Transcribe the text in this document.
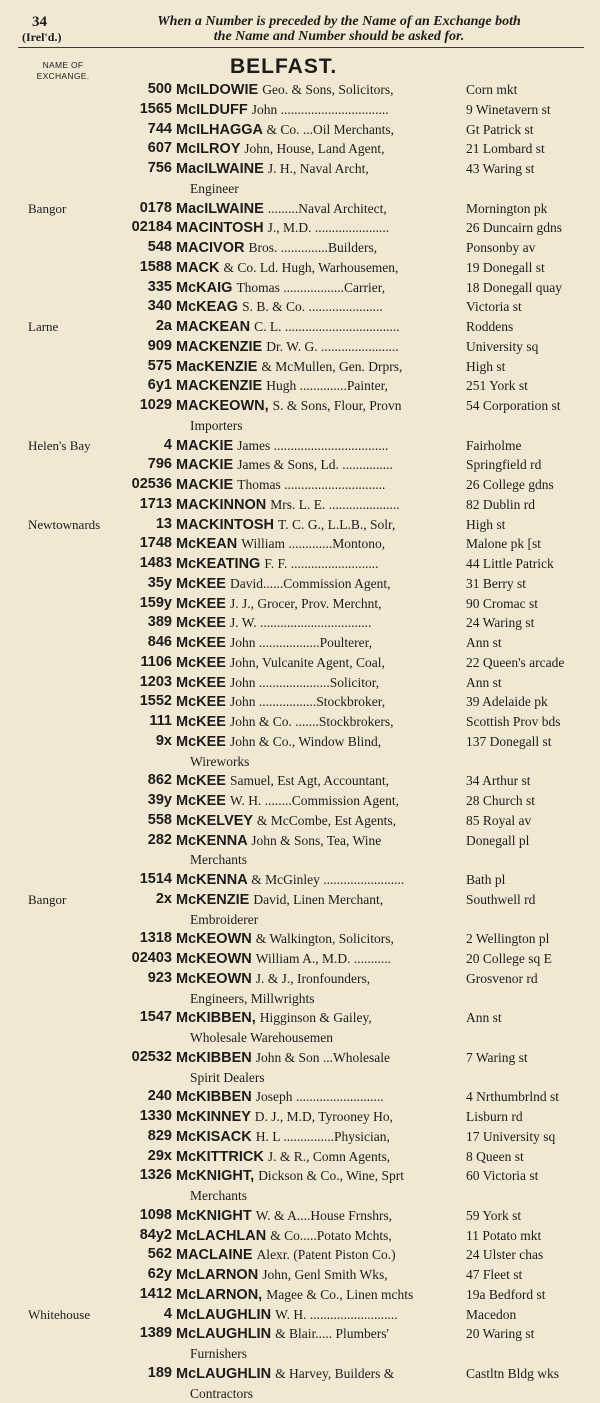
34
(Irel'd.)
When a Number is preceded by the Name of an Exchange both
the Name and Number should be asked for.
NAME OF
EXCHANGE.	BELFAST.
500 McILDOWIE Geo. & Sons, Solicitors,	Corn mkt
1565 McILDUFF John ................................	9 Winetavern st
744 McILHAGGA & Co. ...Oil Merchants,	Gt Patrick st
607 McILROY John, House, Land Agent,	21 Lombard st
756 MacILWAINE J. H., Naval Archt,	43 Waring st
Engineer
Bangor	0178 MacILWAINE .........Naval Architect,	Mornington pk
02184 MACINTOSH J., M.D. ......................	26 Duncairn gdns
548 MACIVOR Bros. ..............Builders,	Ponsonby av
1588 MACK & Co. Ld. Hugh, Warhousemen,	19 Donegall st
335 McKAIG Thomas ..................Carrier,	18 Donegall quay
340 McKEAG S. B. & Co. ......................	Victoria st
Larne	2a MACKEAN C. L. ..................................	Roddens
909 MACKENZIE Dr. W. G. .......................	University sq
575 MacKENZIE & McMullen, Gen. Drprs,	High st
6y1 MACKENZIE Hugh ..............Painter,	251 York st
1029 MACKEOWN, S. & Sons, Flour, Provn	54 Corporation st
Importers
Helen's Bay	4 MACKIE James ..................................	Fairholme
796 MACKIE James & Sons, Ld. ...............	Springfield rd
02536 MACKIE Thomas ..............................	26 College gdns
1713 MACKINNON Mrs. L. E. .....................	82 Dublin rd
Newtownards	13 MACKINTOSH T. C. G., L.L.B., Solr,	High st
1748 McKEAN William .............Montono,	Malone pk [st
1483 McKEATING F. F. ..........................	44 Little Patrick
35y McKEE David......Commission Agent,	31 Berry st
159y McKEE J. J., Grocer, Prov. Merchnt,	90 Cromac st
389 McKEE J. W. .................................	24 Waring st
846 McKEE John ..................Poulterer,	Ann st
1106 McKEE John, Vulcanite Agent, Coal,	22 Queen's arcade
1203 McKEE John .....................Solicitor,	Ann st
1552 McKEE John .................Stockbroker,	39 Adelaide pk
111 McKEE John & Co. .......Stockbrokers,	Scottish Prov bds
9x McKEE John & Co., Window Blind,	137 Donegall st
Wireworks
862 McKEE Samuel, Est Agt, Accountant,	34 Arthur st
39y McKEE W. H. ........Commission Agent,	28 Church st
558 McKELVEY & McCombe, Est Agents,	85 Royal av
282 McKENNA John & Sons, Tea, Wine	Donegall pl
Merchants
1514 McKENNA & McGinley ........................	Bath pl
Bangor	2x McKENZIE David, Linen Merchant,	Southwell rd
Embroiderer
1318 McKEOWN & Walkington, Solicitors,	2 Wellington pl
02403 McKEOWN William A., M.D. ...........	20 College sq E
923 McKEOWN J. & J., Ironfounders,	Grosvenor rd
Engineers, Millwrights
1547 McKIBBEN, Higginson & Gailey,	Ann st
Wholesale Warehousemen
02532 McKIBBEN John & Son ...Wholesale	7 Waring st
Spirit Dealers
240 McKIBBEN Joseph ..........................	4 Nrthumbrlnd st
1330 McKINNEY D. J., M.D, Tyrooney Ho,	Lisburn rd
829 McKISACK H. L ...............Physician,	17 University sq
29x McKITTRICK J. & R., Comn Agents,	8 Queen st
1326 McKNIGHT, Dickson & Co., Wine, Sprt	60 Victoria st
Merchants
1098 McKNIGHT W. & A....House Frnshrs,	59 York st
84y2 McLACHLAN & Co.....Potato Mchts,	11 Potato mkt
562 MACLAINE Alexr. (Patent Piston Co.)	24 Ulster chas
62y McLARNON John, Genl Smith Wks,	47 Fleet st
1412 McLARNON, Magee & Co., Linen mchts	19a Bedford st
Whitehouse	4 McLAUGHLIN W. H. ..........................	Macedon
1389 McLAUGHLIN & Blair..... Plumbers'	20 Waring st
Furnishers
189 McLAUGHLIN & Harvey, Builders &	Castltn Bldg wks
Contractors
